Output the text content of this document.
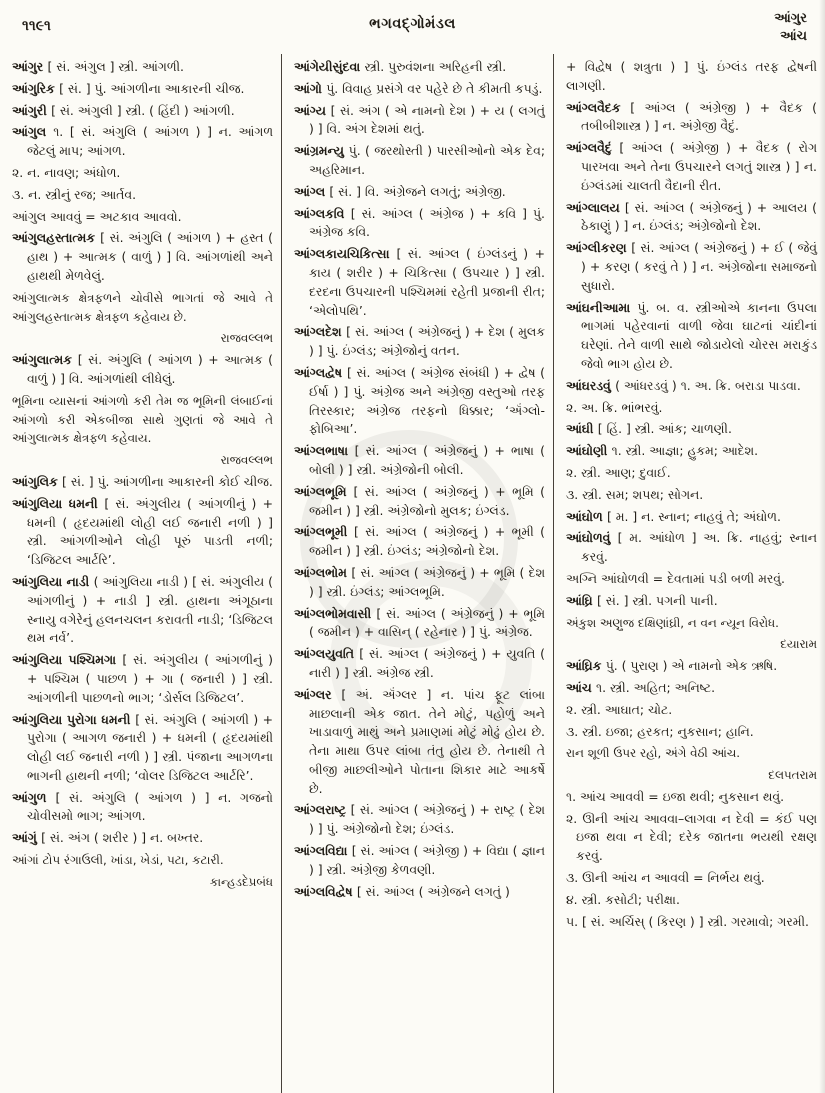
૧૧૯૧	ભગવદ્ગોમંડલ	આંગુર
આંચ

આંગુર [ સં. અંગુલ ] સ્ત્રી. આંગળી.

આંગુરિક [ સં. ] પું. આંગળીના આકારની ચીજ.

આંગુરી [ સં. અંગુલી ] સ્ત્રી. ( હિંદી ) આંગળી.

આંગુલ ૧. [ સં. અંગુલિ ( આંગળ ) ] ન. આંગળ જેટલું માપ; આંગળ.

૨. ન. નાવણ; અંધોળ.

૩. ન. સ્ત્રીનું રજ; આર્તવ.

આંગુલ આવવું = અટકાવ આવવો.

આંગુલહસ્તાત્મક [ સં. અંગુલિ ( આંગળ ) + હસ્ત ( હાથ ) + આત્મક ( વાળું ) ] વિ. આંગળાંથી અને હાથથી મેળવેલું.

આંગુલાત્મક ક્ષેત્રફળને ચોવીસે ભાગતાં જે આવે તે આંગુલહસ્તાત્મક ક્ષેત્રફળ કહેવાય છે.

રાજવલ્લભ

આંગુલાત્મક [ સં. અંગુલિ ( આંગળ ) + આત્મક ( વાળું ) ] વિ. આંગળાંથી લીધેલું.

ભૂમિના વ્યાસનાં આંગળો કરી તેમ જ ભૂમિની લંબાઈનાં આંગળો કરી એકબીજા સાથે ગુણતાં જે આવે તે આંગુલાત્મક ક્ષેત્રફળ કહેવાય.

રાજવલ્લભ

આંગુલિક [ સં. ] પું. આંગળીના આકારની કોઈ ચીજ.

આંગુલિયા ધમની [ સં. અંગુલીય ( આંગળીનું ) + ધમની ( હૃદયમાંથી લોહી લઈ જનારી નળી ) ] સ્ત્રી. આંગળીઓને લોહી પૂરું પાડતી નળી; ‘ડિજિટલ આર્ટરિ’.

આંગુલિયા નાડી ( આંગુલિયા નાડી ) [ સં. અંગુલીય ( આંગળીનું ) + નાડી ] સ્ત્રી. હાથના અંગૂઠાના સ્નાયુ વગેરેનું હલનચલન કરાવતી નાડી; ‘ડિજિટલ થમ નર્વ’.

આંગુલિયા પશ્ચિમગા [ સં. અંગુલીય ( આંગળીનું ) + પશ્ચિમ ( પાછળ ) + ગા ( જનારી ) ] સ્ત્રી. આંગળીની પાછળનો ભાગ; ‘ડોર્સલ ડિજિટલ’.

આંગુલિયા પુરોગા ધમની [ સં. અંગુલિ ( આંગળી ) + પુરોગા ( આગળ જનારી ) + ધમની ( હૃદયમાંથી લોહી લઈ જનારી નળી ) ] સ્ત્રી. પંજાના આગળના ભાગની હાથની નળી; ‘વોલર ડિજિટલ આર્ટરિ’.

આંગુળ [ સં. અંગુલિ ( આંગળ ) ] ન. ગજનો ચોવીસમો ભાગ; આંગળ.

આંગું [ સં. અંગ ( શરીર ) ] ન. બખ્તર.

આંગાં ટોપ રંગાઉલી, ખાંડા, ખેડાં, પટા, કટારી.

કાન્હડદેપ્રબંધ

આંગેયીસુંદવા સ્ત્રી. પુરુવંશના અરિહની સ્ત્રી.

આંગો પું. વિવાહ પ્રસંગે વર પહેરે છે તે કીમતી કપડું.

આંગ્ય [ સં. અંગ ( એ નામનો દેશ ) + ય ( લગતું ) ] વિ. અંગ દેશમાં થતું.

આંગ્રમન્યુ પું. ( જરથોસ્તી ) પારસીઓનો એક દેવ; અહરિમાન.

આંગ્લ [ સં. ] વિ. અંગ્રેજને લગતું; અંગ્રેજી.

આંગ્લકવિ [ સં. આંગ્લ ( અંગ્રેજ ) + કવિ ] પું. અંગ્રેજ કવિ.

આંગ્લકાયચિકિત્સા [ સં. આંગ્લ ( ઇંગ્લંડનું ) + કાય ( શરીર ) + ચિકિત્સા ( ઉપચાર ) ] સ્ત્રી. દરદના ઉપચારની પશ્ચિમમાં રહેતી પ્રજાની રીત; ‘એલોપથિ’.

આંગ્લદેશ [ સં. આંગ્લ ( અંગ્રેજનું ) + દેશ ( મુલક ) ] પું. ઇંગ્લંડ; અંગ્રેજોનું વતન.

આંગ્લદ્વેષ [ સં. આંગ્લ ( અંગ્રેજ સંબંધી ) + દ્વેષ ( ઈર્ષા ) ] પું. અંગ્રેજ અને અંગ્રેજી વસ્તુઓ તરફ તિરસ્કાર; અંગ્રેજ તરફનો ધિક્કાર; ‘ઍંગ્લો-ફોબિઆ’.

આંગ્લભાષા [ સં. આંગ્લ ( અંગ્રેજનું ) + ભાષા ( બોલી ) ] સ્ત્રી. અંગ્રેજોની બોલી.

આંગ્લભૂમિ [ સં. આંગ્લ ( અંગ્રેજનું ) + ભૂમિ ( જમીન ) ] સ્ત્રી. અંગ્રેજોનો મુલક; ઇંગ્લંડ.

આંગ્લભૂમી [ સં. આંગ્લ ( અંગ્રેજનું ) + ભૂમી ( જમીન ) ] સ્ત્રી. ઇંગ્લંડ; અંગ્રેજોનો દેશ.

આંગ્લભોમ [ સં. આંગ્લ ( અંગ્રેજનું ) + ભૂમિ ( દેશ ) ] સ્ત્રી. ઇંગ્લંડ; આંગ્લભૂમિ.

આંગ્લભોમવાસી [ સં. આંગ્લ ( અંગ્રેજનું ) + ભૂમિ ( જમીન ) + વાસિન્ ( રહેનાર ) ] પું. અંગ્રેજ.

આંગ્લયુવતિ [ સં. આંગ્લ ( અંગ્રેજનું ) + યુવતિ ( નારી ) ] સ્ત્રી. અંગ્રેજ સ્ત્રી.

આંગ્લર [ અં. ઍંગ્લર ] ન. પાંચ ફૂટ લાંબા માછલાની એક જાત. તેને મોટું, પહોળું અને ખાડાવાળું માથું અને પ્રમાણમાં મોટું મોઢું હોય છે. તેના માથા ઉપર લાંબા તંતુ હોય છે. તેનાથી તે બીજી માછલીઓને પોતાના શિકાર માટે આકર્ષે છે.

આંગ્લરાષ્ટ્ર [ સં. આંગ્લ ( અંગ્રેજનું ) + રાષ્ટ્ર ( દેશ ) ] પું. અંગ્રેજોનો દેશ; ઇંગ્લંડ.

આંગ્લવિદ્યા [ સં. આંગ્લ ( અંગ્રેજી ) + વિદ્યા ( જ્ઞાન ) ] સ્ત્રી. અંગ્રેજી કેળવણી.

આંગ્લવિદ્વેષ [ સં. આંગ્લ ( અંગ્રેજને લગતું )

+ વિદ્વેષ ( શત્રુતા ) ] પું. ઇંગ્લંડ તરફ દ્વેષની લાગણી.

આંગ્લવૈદક [ આંગ્લ ( અંગ્રેજી ) + વૈદક ( તબીબીશાસ્ત્ર ) ] ન. અંગ્રેજી વૈદું.

આંગ્લવૈદું [ આંગ્લ ( અંગ્રેજી ) + વૈદક ( રોગ પારખવા અને તેના ઉપચારને લગતું શાસ્ત્ર ) ] ન. ઇંગ્લંડમાં ચાલતી વૈદાની રીત.

આંગ્લાલય [ સં. આંગ્લ ( અંગ્રેજનું ) + આલય ( ઠેકાણું ) ] ન. ઇંગ્લંડ; અંગ્રેજોનો દેશ.

આંગ્લીકરણ [ સં. આંગ્લ ( અંગ્રેજનું ) + ઈ ( જેવું ) + કરણ ( કરવું તે ) ] ન. અંગ્રેજોના સમાજનો સુધારો.

આંઘનીઆમા પું. બ. વ. સ્ત્રીઓએ કાનના ઉપલા ભાગમાં પહેરવાનાં વાળી જેવા ઘાટનાં ચાંદીનાં ઘરેણાં. તેને વાળી સાથે જોડાયેલો ચોરસ મરાકુંડ જેવો ભાગ હોય છે.

આંઘરડવું ( આંધરડવું ) ૧. અ. ક્રિ. બરાડા પાડવા.

૨. અ. ક્રિ. ભાંભરવું.

આંઘી [ હિં. ] સ્ત્રી. આંક; ચાળણી.

આંઘોણી ૧. સ્ત્રી. આજ્ઞા; હુકમ; આદેશ.

૨. સ્ત્રી. આણ; દુવાઈ.

૩. સ્ત્રી. સમ; શપથ; સોગન.

આંઘોળ [ મ. ] ન. સ્નાન; નાહવું તે; અંઘોળ.

આંઘોળવું [ મ. આંધોળ ] અ. ક્રિ. નાહવું; સ્નાન કરવું.

અગ્નિ આંઘોળવી = દેવતામાં પડી બળી મરવું.

આંઘ્રિ [ સં. ] સ્ત્રી. પગની પાની.

અંકુશ અણુજ દક્ષિણાંઘ્રી, ન વન ન્યૂન વિરોધ.

દયારામ

આંઘ્રિક પું. ( પુરાણ ) એ નામનો એક ઋષિ.

આંચ ૧. સ્ત્રી. અહિત; અનિષ્ટ.

૨. સ્ત્રી. આઘાત; ચોટ.

૩. સ્ત્રી. ઇજા; હરકત; નુકસાન; હાનિ.

રાન શૂળી ઉપર રહો, અંગે વેઠી આંચ.

દલપતરામ

૧. આંચ આવવી = ઇજા થવી; નુકસાન થવું.

૨. ઊની આંચ આવવા–લાગવા ન દેવી = કંઈ પણ ઇજા થવા ન દેવી; દરેક જાતના ભયથી રક્ષણ કરવું.

૩. ઊની આંચ ન આવવી = નિર્ભય થવું.

૪. સ્ત્રી. કસોટી; પરીક્ષા.

૫. [ સં. અર્ચિસ્ ( કિરણ ) ] સ્ત્રી. ગરમાવો; ગરમી.
